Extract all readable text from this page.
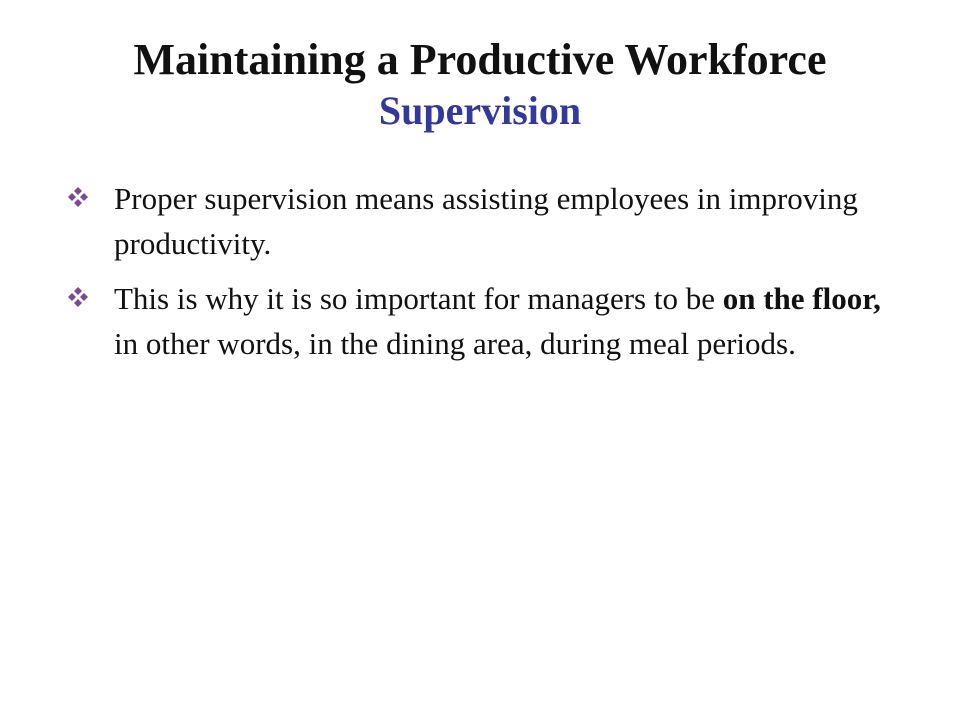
Maintaining a Productive Workforce
Supervision
Proper supervision means assisting employees in improving productivity.
This is why it is so important for managers to be on the floor, in other words, in the dining area, during meal periods.
